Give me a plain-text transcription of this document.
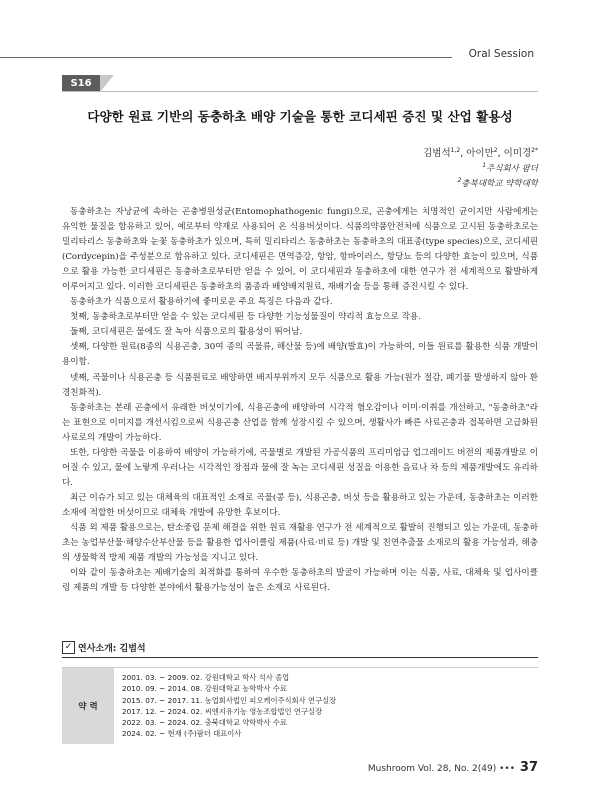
Oral Session
S16
다양한 원료 기반의 동충하초 배양 기술을 통한 코디세핀 증진 및 산업 활용성
김범석$^{1,2}$, 아이만$^2$, 이미경$^{2*}$
$^1$주식회사 팜더
$^2$충북대학교 약학대학

동충하초는 자낭균에 속하는 곤충병원성균(Entomophathogenic fungi)으로, 곤충에게는 치명적인 균이지만 사람에게는 유익한 물질을 함유하고 있어, 예로부터 약재로 사용되어 온 식용버섯이다. 식품의약품안전처에 식품으로 고시된 동충하초로는 밀리타리스 동충하초와 눈꽃 동충하초가 있으며, 특히 밀리타리스 동충하초는 동충하초의 대표종(type species)으로, 코디세핀(Cordycepin)을 주성분으로 함유하고 있다. 코디세핀은 면역증강, 항암, 항바이러스, 항당뇨 등의 다양한 효능이 있으며, 식품으로 활용 가능한 코디세핀은 동충하초로부터만 얻을 수 있어, 이 코디세핀과 동충하초에 대한 연구가 전 세계적으로 활발하게 이루어지고 있다. 이러한 코디세핀은 동충하초의 품종과 배양배지원료, 재배기술 등을 통해 증진시킬 수 있다.

동충하초가 식품으로서 활용하기에 좋미로운 주요 특징은 다음과 같다.

첫째, 동충하초로부터만 얻을 수 있는 코디세핀 등 다양한 기능성물질이 약리적 효능으로 작용.

둘째, 코디세핀은 물에도 잘 녹아 식품으로의 활용성이 뛰어남.

셋째, 다양한 원료(8종의 식용곤충, 30여 종의 곡물류, 해산물 등)에 배양(발효)이 가능하여, 이들 원료를 활용한 식품 개발이 용이함.

넷째, 곡물이나 식용곤충 등 식품원료로 배양하면 배지부위까지 모두 식품으로 활용 가능(원가 절감, 폐기물 발생하지 않아 환경친화적).

동충하초는 본래 곤충에서 유래한 버섯이기에, 식용곤충에 배양하여 시각적 혐오감이나 이미·이취를 개선하고, "동충하초"라는 표현으로 이미지를 개선시킴으로써 식용곤충 산업을 함께 성장시킬 수 있으며, 생활사가 빠른 사료곤충과 접목하면 고급화된 사료로의 개발이 가능하다.

또한, 다양한 곡물을 이용하여 배양이 가능하기에, 곡물별로 개발된 가공식품의 프리미엄급 업그레이드 버전의 제품개발로 이어질 수 있고, 물에 노랗게 우러나는 시각적인 장점과 물에 잘 녹는 코디세핀 성질을 이용한 음료나 차 등의 제품개발에도 유리하다.

최근 이슈가 되고 있는 대체육의 대표적인 소재로 곡물(콩 등), 식용곤충, 버섯 등을 활용하고 있는 가운데, 동충하초는 이러한 소재에 적합한 버섯이므로 대체육 개발에 유망한 후보이다.

식품 외 제품 활용으로는, 탄소중립 문제 해결을 위한 원료 재활용 연구가 전 세계적으로 활발히 진행되고 있는 가운데, 동충하초는 농업부산물·해양수산부산물 등을 활용한 업사이클링 제품(사료·비료 등) 개발 및 친연추출물 소재로의 활용 가능성과, 해충의 생물학적 방제 제품 개발의 가능성을 지니고 있다.

이와 같이 동충하초는 제배기술의 최적화를 통하여 우수한 동충하초의 발굴이 가능하며 이는 식품, 사료, 대체육 및 업사이클링 제품의 개발 등 다양한 분야에서 활용가능성이 높은 소재로 사료된다.

✓ 연사소개: 김범석
약 력
2001. 03. ~ 2009. 02. 강원대학교 학사 석사 졸업
2010. 09. ~ 2014. 08. 강원대학교 농학박사 수료
2015. 07. ~ 2017. 11. 농업회사법인 피오케이주식회사 연구실장
2017. 12. ~ 2024. 02. 씨엔지유기농 영농조합법인 연구실장
2022. 03. ~ 2024. 02. 충북대학교 약학박사 수료
2024. 02. ~ 현재 (주)팜더 대표이사
Mushroom Vol. 28, No. 2(49) ••• 37
